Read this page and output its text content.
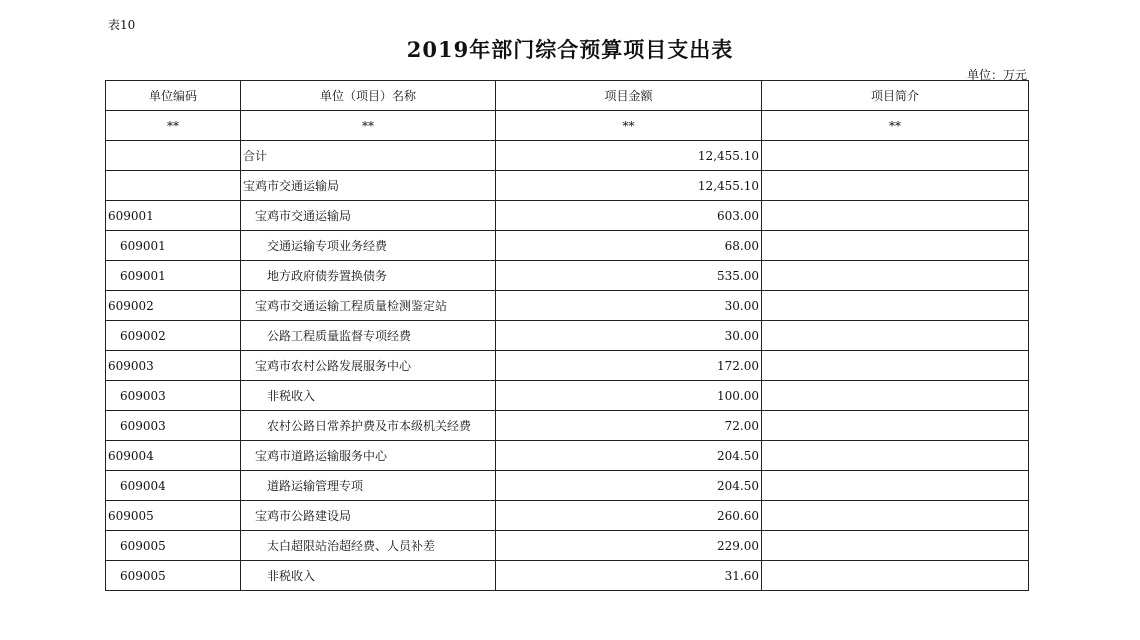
表10
2019年部门综合预算项目支出表
单位：万元
单位编码	单位（项目）名称	项目金额	项目简介
**	**	**	**
	合计	12,455.10	
	宝鸡市交通运输局	12,455.10	
609001	宝鸡市交通运输局	603.00	
609001	交通运输专项业务经费	68.00	
609001	地方政府债券置换债务	535.00	
609002	宝鸡市交通运输工程质量检测鉴定站	30.00	
609002	公路工程质量监督专项经费	30.00	
609003	宝鸡市农村公路发展服务中心	172.00	
609003	非税收入	100.00	
609003	农村公路日常养护费及市本级机关经费	72.00	
609004	宝鸡市道路运输服务中心	204.50	
609004	道路运输管理专项	204.50	
609005	宝鸡市公路建设局	260.60	
609005	太白超限站治超经费、人员补差	229.00	
609005	非税收入	31.60	
